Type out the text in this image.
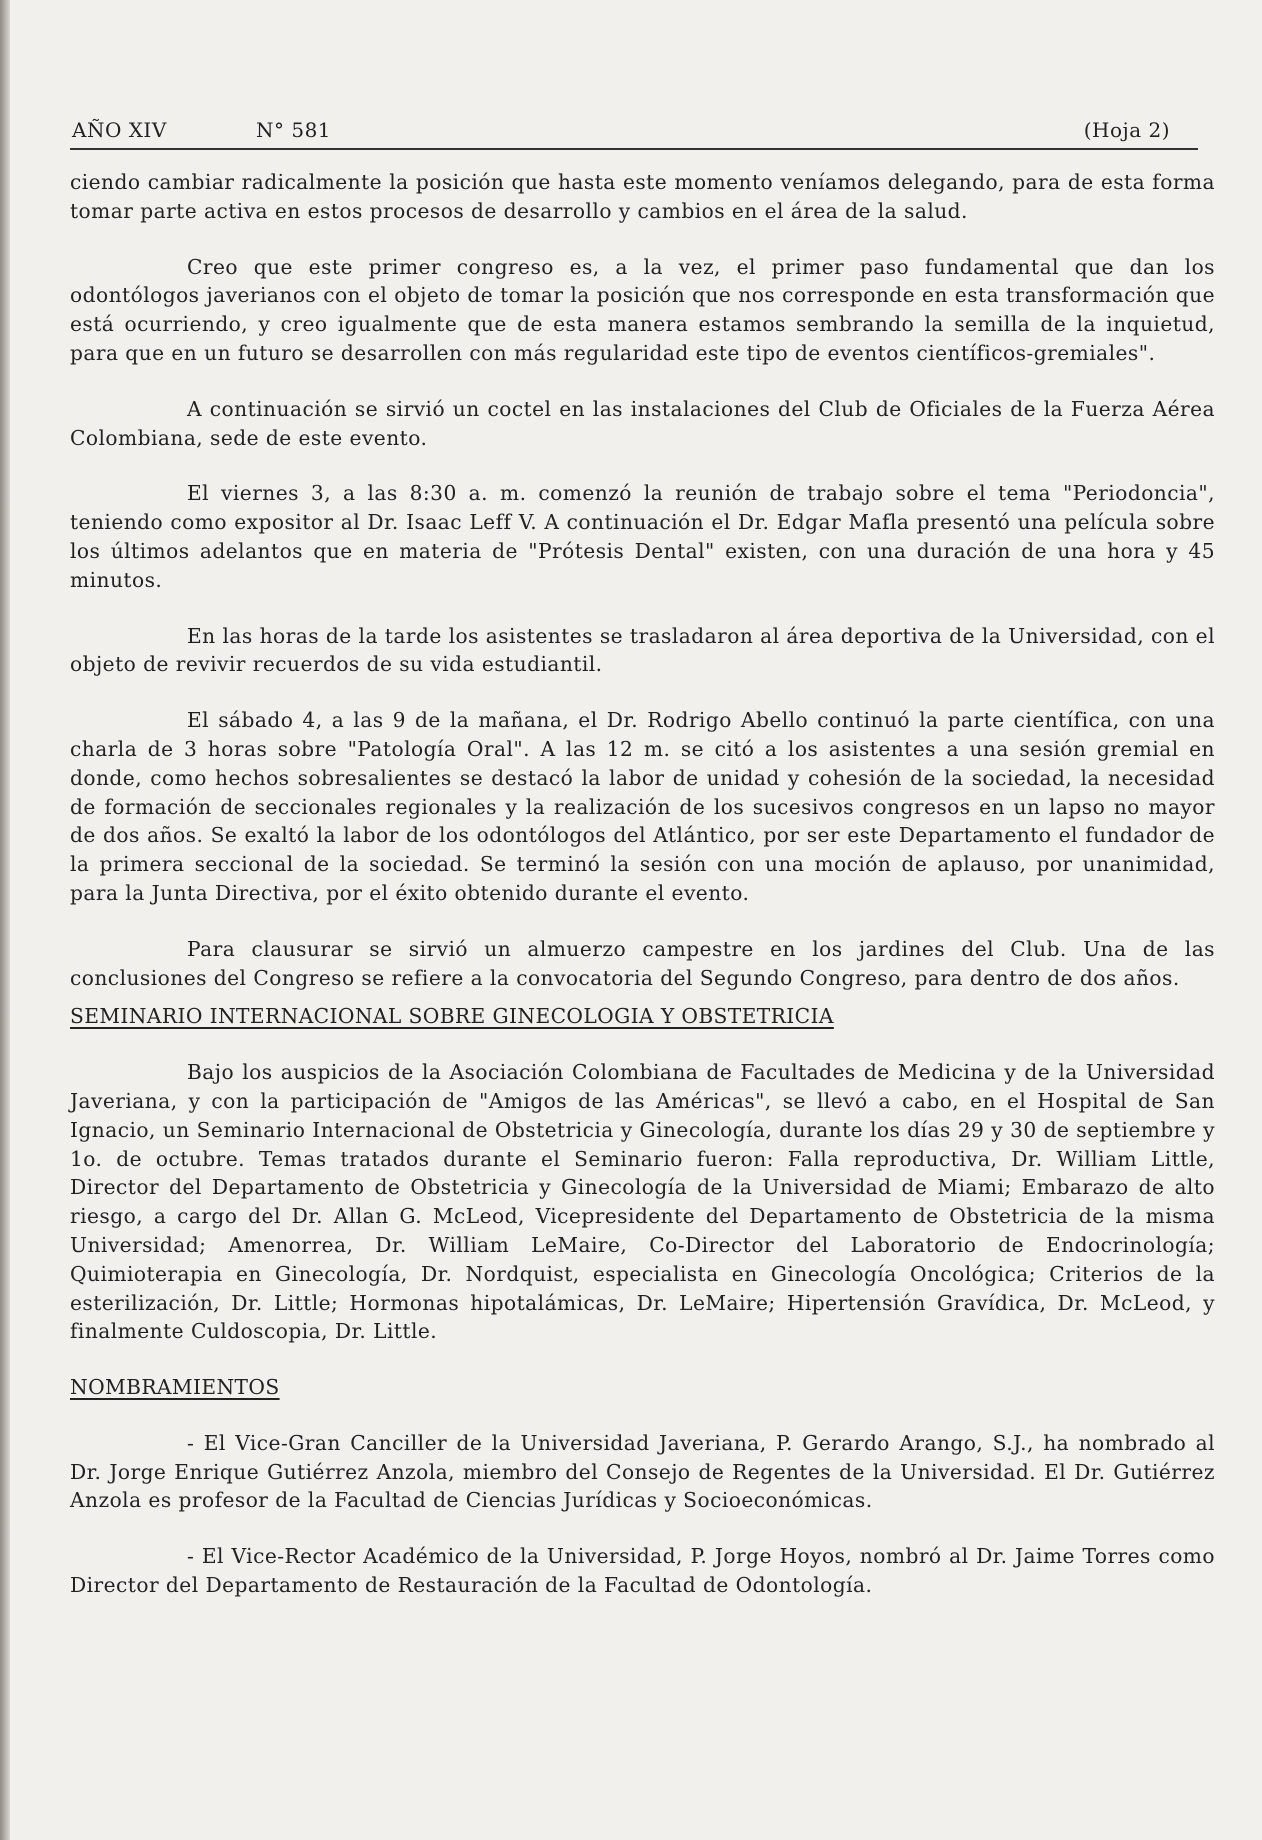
AÑO XIV	N° 581	(Hoja 2)

ciendo cambiar radicalmente la posición que hasta este momento veníamos delegando, para de esta forma tomar parte activa en estos procesos de desarrollo y cambios en el área de la salud.

Creo que este primer congreso es, a la vez, el primer paso fundamental que dan los odontólogos javerianos con el objeto de tomar la posición que nos corresponde en esta transformación que está ocurriendo, y creo igualmente que de esta manera estamos sembrando la semilla de la inquietud, para que en un futuro se desarrollen con más regularidad este tipo de eventos científicos-gremiales".

A continuación se sirvió un coctel en las instalaciones del Club de Oficiales de la Fuerza Aérea Colombiana, sede de este evento.

El viernes 3, a las 8:30 a. m. comenzó la reunión de trabajo sobre el tema "Periodoncia", teniendo como expositor al Dr. Isaac Leff V. A continuación el Dr. Edgar Mafla presentó una película sobre los últimos adelantos que en materia de "Prótesis Dental" existen, con una duración de una hora y 45 minutos.

En las horas de la tarde los asistentes se trasladaron al área deportiva de la Universidad, con el objeto de revivir recuerdos de su vida estudiantil.

El sábado 4, a las 9 de la mañana, el Dr. Rodrigo Abello continuó la parte científica, con una charla de 3 horas sobre "Patología Oral". A las 12 m. se citó a los asistentes a una sesión gremial en donde, como hechos sobresalientes se destacó la labor de unidad y cohesión de la sociedad, la necesidad de formación de seccionales regionales y la realización de los sucesivos congresos en un lapso no mayor de dos años. Se exaltó la labor de los odontólogos del Atlántico, por ser este Departamento el fundador de la primera seccional de la sociedad. Se terminó la sesión con una moción de aplauso, por unanimidad, para la Junta Directiva, por el éxito obtenido durante el evento.

Para clausurar se sirvió un almuerzo campestre en los jardines del Club. Una de las conclusiones del Congreso se refiere a la convocatoria del Segundo Congreso, para dentro de dos años.

SEMINARIO INTERNACIONAL SOBRE GINECOLOGIA Y OBSTETRICIA

Bajo los auspicios de la Asociación Colombiana de Facultades de Medicina y de la Universidad Javeriana, y con la participación de "Amigos de las Américas", se llevó a cabo, en el Hospital de San Ignacio, un Seminario Internacional de Obstetricia y Ginecología, durante los días 29 y 30 de septiembre y 1o. de octubre. Temas tratados durante el Seminario fueron: Falla reproductiva, Dr. William Little, Director del Departamento de Obstetricia y Ginecología de la Universidad de Miami; Embarazo de alto riesgo, a cargo del Dr. Allan G. McLeod, Vicepresidente del Departamento de Obstetricia de la misma Universidad; Amenorrea, Dr. William LeMaire, Co-Director del Laboratorio de Endocrinología; Quimioterapia en Ginecología, Dr. Nordquist, especialista en Ginecología Oncológica; Criterios de la esterilización, Dr. Little; Hormonas hipotalámicas, Dr. LeMaire; Hipertensión Gravídica, Dr. McLeod, y finalmente Culdoscopia, Dr. Little.

NOMBRAMIENTOS

- El Vice-Gran Canciller de la Universidad Javeriana, P. Gerardo Arango, S.J., ha nombrado al Dr. Jorge Enrique Gutiérrez Anzola, miembro del Consejo de Regentes de la Universidad. El Dr. Gutiérrez Anzola es profesor de la Facultad de Ciencias Jurídicas y Socioeconómicas.

- El Vice-Rector Académico de la Universidad, P. Jorge Hoyos, nombró al Dr. Jaime Torres como Director del Departamento de Restauración de la Facultad de Odontología.
